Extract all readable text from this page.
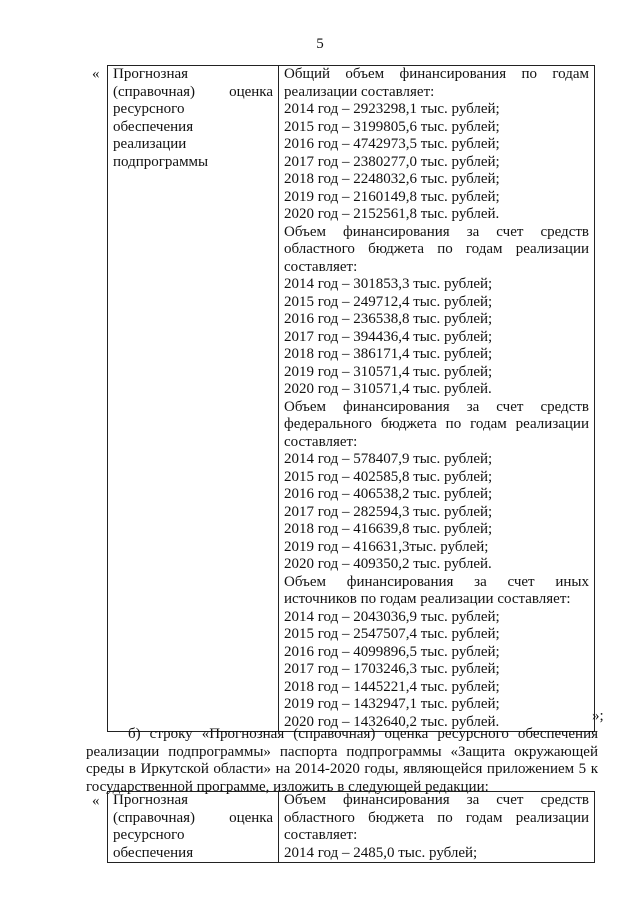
5
« Прогнозная
(справочная) оценка
ресурсного
обеспечения
реализации
подпрограммы

Общий объем финансирования по годам
реализации составляет:
2014 год – 2923298,1 тыс. рублей;
2015 год – 3199805,6 тыс. рублей;
2016 год – 4742973,5 тыс. рублей;
2017 год – 2380277,0 тыс. рублей;
2018 год – 2248032,6 тыс. рублей;
2019 год – 2160149,8 тыс. рублей;
2020 год – 2152561,8 тыс. рублей.
Объем финансирования за счет средств
областного бюджета по годам реализации
составляет:
2014 год – 301853,3 тыс. рублей;
2015 год – 249712,4 тыс. рублей;
2016 год – 236538,8 тыс. рублей;
2017 год – 394436,4 тыс. рублей;
2018 год – 386171,4 тыс. рублей;
2019 год – 310571,4 тыс. рублей;
2020 год – 310571,4 тыс. рублей.
Объем финансирования за счет средств
федерального бюджета по годам реализации
составляет:
2014 год – 578407,9 тыс. рублей;
2015 год – 402585,8 тыс. рублей;
2016 год – 406538,2 тыс. рублей;
2017 год – 282594,3 тыс. рублей;
2018 год – 416639,8 тыс. рублей;
2019 год – 416631,3тыс. рублей;
2020 год – 409350,2 тыс. рублей.
Объем финансирования за счет иных
источников по годам реализации составляет:
2014 год – 2043036,9 тыс. рублей;
2015 год – 2547507,4 тыс. рублей;
2016 год – 4099896,5 тыс. рублей;
2017 год – 1703246,3 тыс. рублей;
2018 год – 1445221,4 тыс. рублей;
2019 год – 1432947,1 тыс. рублей;
2020 год – 1432640,2 тыс. рублей.	»;
б) строку «Прогнозная (справочная) оценка ресурсного обеспечения реализации подпрограммы» паспорта подпрограммы «Защита окружающей среды в Иркутской области» на 2014-2020 годы, являющейся приложением 5 к государственной программе, изложить в следующей редакции:
« Прогнозная
(справочная) оценка
ресурсного
обеспечения

Объем финансирования за счет средств
областного бюджета по годам реализации
составляет:
2014 год – 2485,0 тыс. рублей;
